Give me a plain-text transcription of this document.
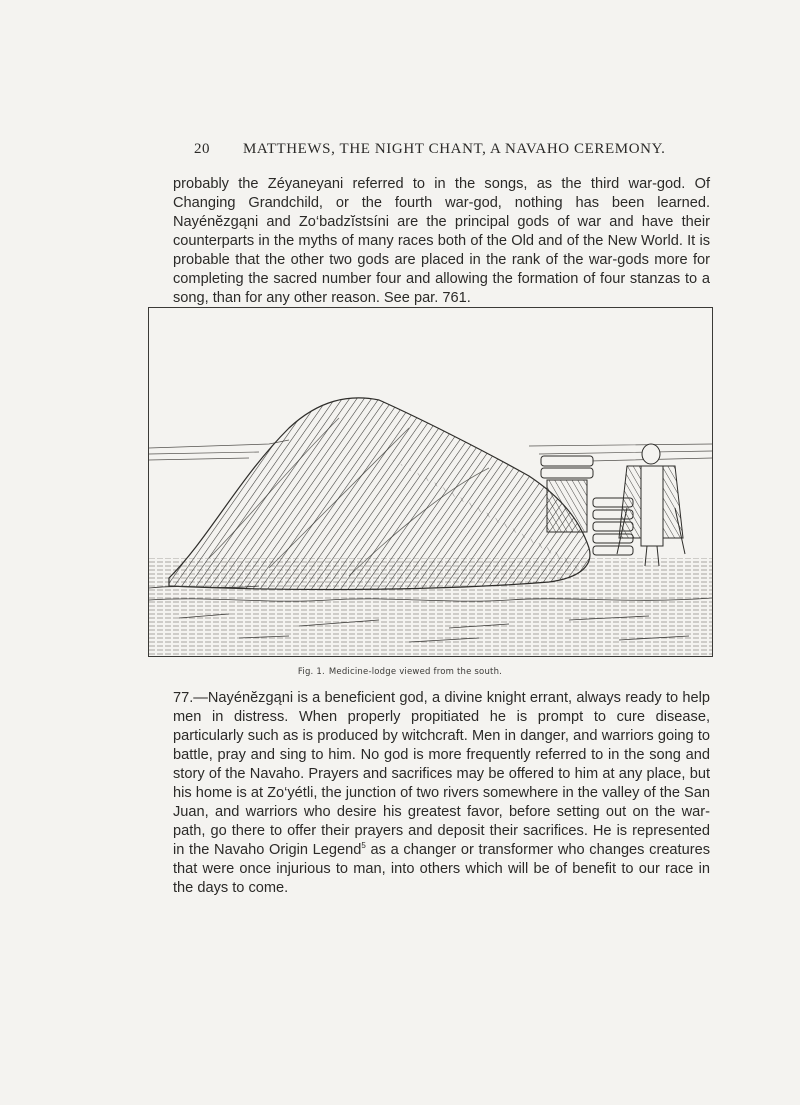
20 MATTHEWS, THE NIGHT CHANT, A NAVAHO CEREMONY.

probably the Zéyaneyani referred to in the songs, as the third war-god. Of Changing Grandchild, or the fourth war-god, nothing has been learned. Nayénĕzgąni and Zo‘badzĭstsíni are the principal gods of war and have their counterparts in the myths of many races both of the Old and of the New World. It is probable that the other two gods are placed in the rank of the war-gods more for completing the sacred number four and allowing the formation of four stanzas to a song, than for any other reason. See par. 761.

Fig. 1. Medicine-lodge viewed from the south.

77.—Nayénĕzgąni is a beneficient god, a divine knight errant, always ready to help men in distress. When properly propitiated he is prompt to cure disease, particularly such as is produced by witchcraft. Men in danger, and warriors going to battle, pray and sing to him. No god is more frequently referred to in the song and story of the Navaho. Prayers and sacrifices may be offered to him at any place, but his home is at Zo‘yétli, the junction of two rivers somewhere in the valley of the San Juan, and warriors who desire his greatest favor, before setting out on the war-path, go there to offer their prayers and deposit their sacrifices. He is represented in the Navaho Origin Legend$^5$ as a changer or transformer who changes creatures that were once injurious to man, into others which will be of benefit to our race in the days to come.
